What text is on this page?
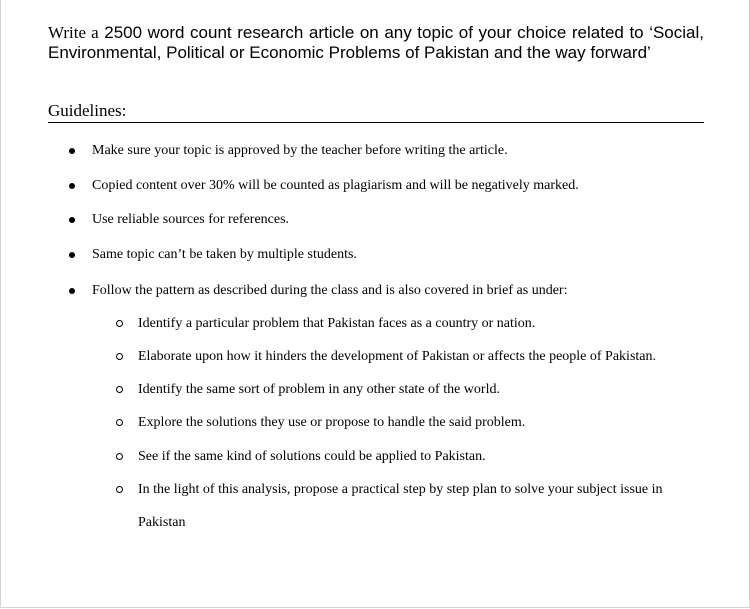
Write a 2500 word count research article on any topic of your choice related to ‘Social, Environmental, Political or Economic Problems of Pakistan and the way forward’

Guidelines:

Make sure your topic is approved by the teacher before writing the article.
Copied content over 30% will be counted as plagiarism and will be negatively marked.
Use reliable sources for references.
Same topic can’t be taken by multiple students.
Follow the pattern as described during the class and is also covered in brief as under:
Identify a particular problem that Pakistan faces as a country or nation.
Elaborate upon how it hinders the development of Pakistan or affects the people of Pakistan.
Identify the same sort of problem in any other state of the world.
Explore the solutions they use or propose to handle the said problem.
See if the same kind of solutions could be applied to Pakistan.
In the light of this analysis, propose a practical step by step plan to solve your subject issue in
Pakistan
